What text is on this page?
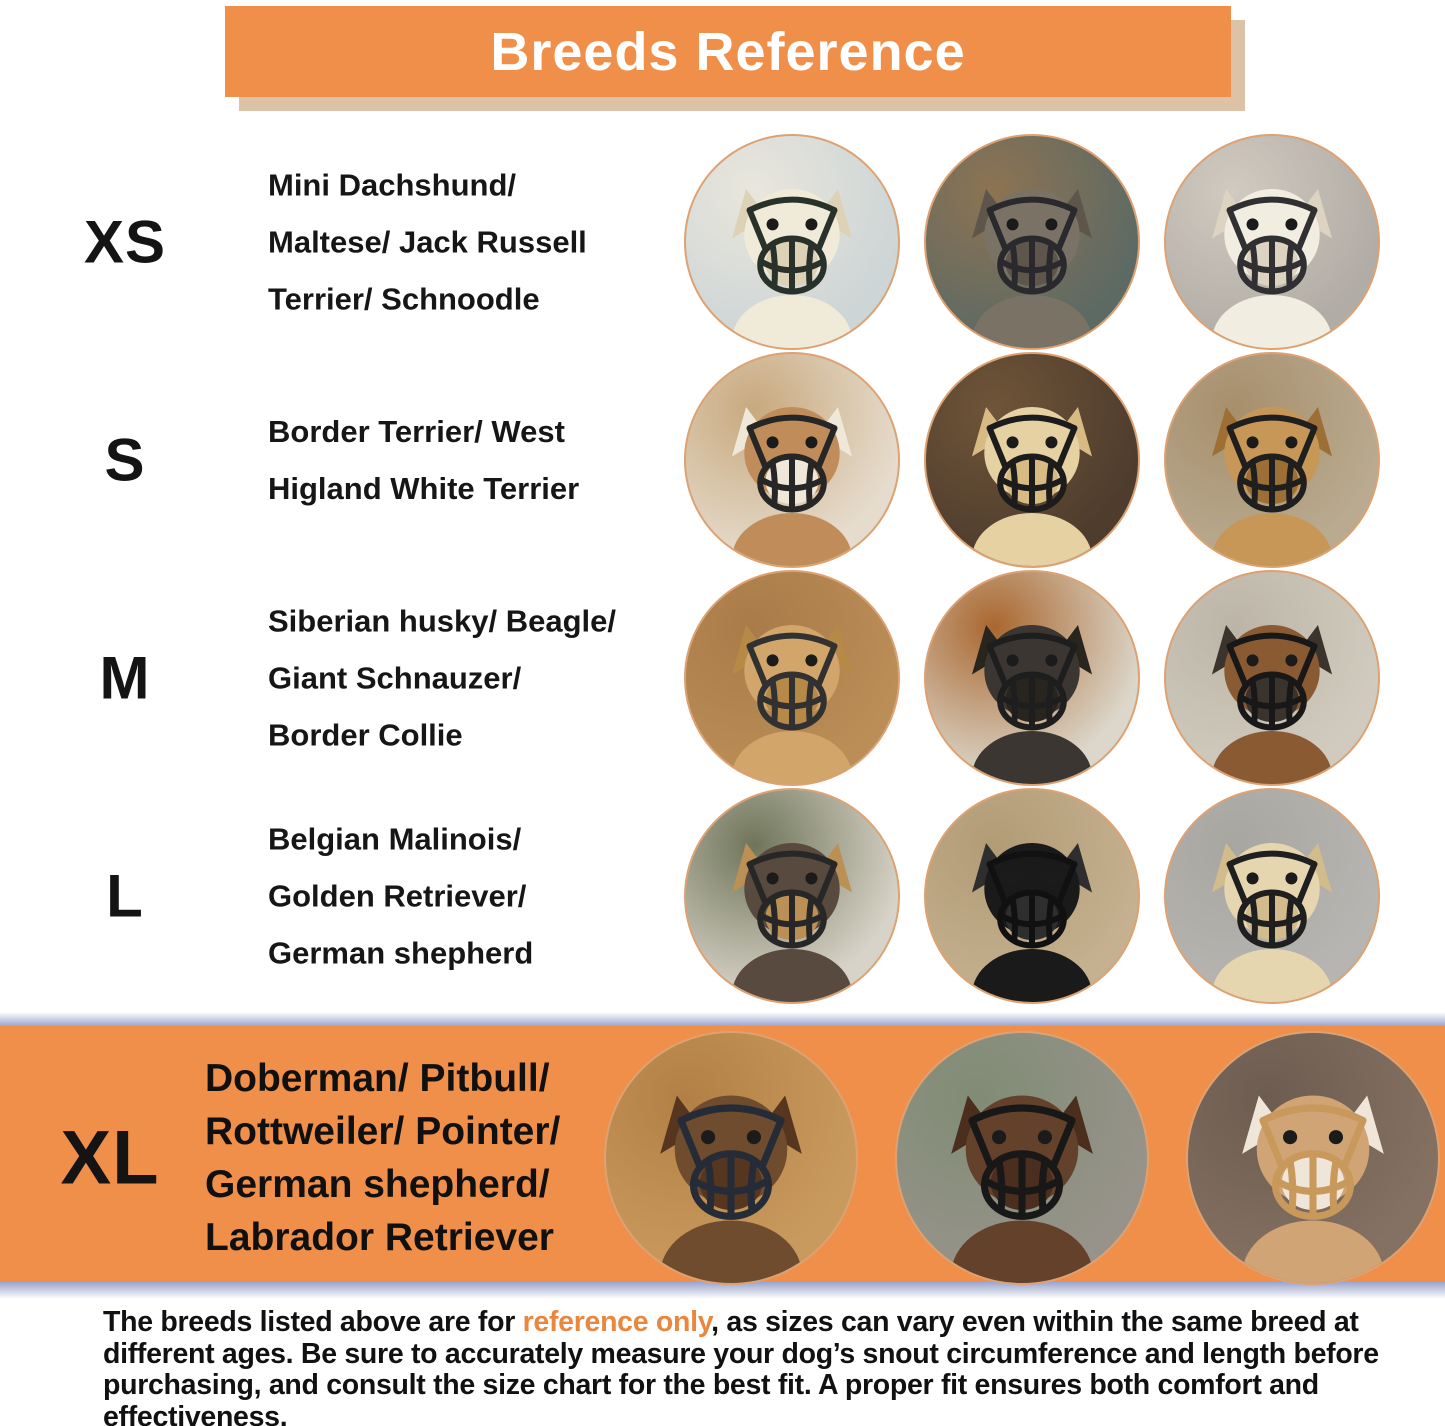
Breeds Reference
XS
Mini Dachshund/
Maltese/ Jack Russell
Terrier/ Schnoodle
S	Border Terrier/ West
Higland White Terrier
M
Siberian husky/ Beagle/
Giant Schnauzer/
Border Collie
L
Belgian Malinois/
Golden Retriever/
German shepherd
XL
Doberman/ Pitbull/
Rottweiler/ Pointer/
German shepherd/
Labrador Retriever
The breeds listed above are for reference only, as sizes can vary even within the same breed at different ages. Be sure to accurately measure your dog’s snout circumference and length before purchasing, and consult the size chart for the best fit. A proper fit ensures both comfort and effectiveness.
